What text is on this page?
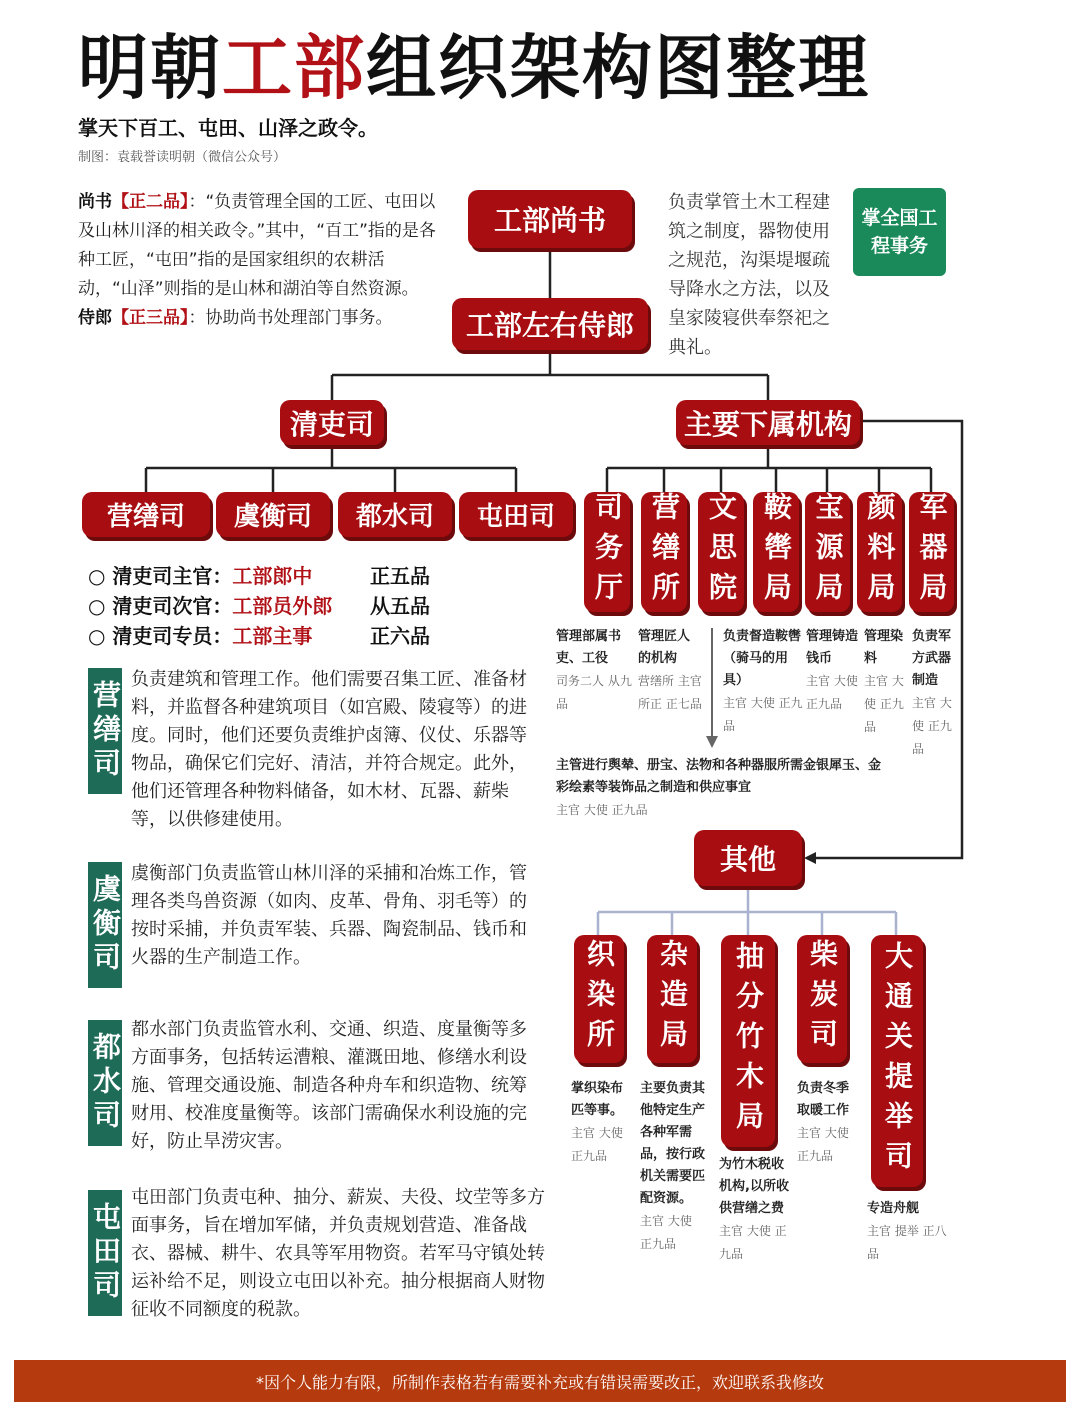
明朝工部组织架构图整理
掌天下百工、屯田、山泽之政令。
制图：袁载誉读明朝（微信公众号）
尚书【正二品】：“负责管理全国的工匠、屯田以及山林川泽的相关政令。”其中，“百工”指的是各种工匠，“屯田”指的是国家组织的农耕活动，“山泽”则指的是山林和湖泊等自然资源。
侍郎【正三品】：协助尚书处理部门事务。
负责掌管土木工程建筑之制度，器物使用之规范，沟渠堤堰疏导降水之方法，以及皇家陵寝供奉祭祀之典礼。
掌全国工程事务
工部尚书
工部左右侍郎
清吏司	主要下属机构
其他
营缮司	虞衡司	都水司	屯田司	司务厅 营缮所 文思院 鞍辔局 宝源局 颜料局 军器局
织染所	杂造局	抽分竹木局	柴炭司	大通关提举司
○ 清吏司主官：工部郎中	正五品
○ 清吏司次官：工部员外郎 从五品
○ 清吏司专员：工部主事	正六品
营缮司
负责建筑和管理工作。他们需要召集工匠、准备材料，并监督各种建筑项目（如宫殿、陵寝等）的进度。同时，他们还要负责维护卤簿、仪仗、乐器等物品，确保它们完好、清洁，并符合规定。此外，他们还管理各种物料储备，如木材、瓦器、薪柴等，以供修建使用。
虞衡司
虞衡部门负责监管山林川泽的采捕和冶炼工作，管理各类鸟兽资源（如肉、皮革、骨角、羽毛等）的按时采捕，并负责军装、兵器、陶瓷制品、钱币和火器的生产制造工作。
都水司
都水部门负责监管水利、交通、织造、度量衡等多方面事务，包括转运漕粮、灌溉田地、修缮水利设施、管理交通设施、制造各种舟车和织造物、统筹财用、校准度量衡等。该部门需确保水利设施的完好，防止旱涝灾害。
屯田司
屯田部门负责屯种、抽分、薪炭、夫役、坟茔等多方面事务，旨在增加军储，并负责规划营造、准备战衣、器械、耕牛、农具等军用物资。若军马守镇处转运补给不足，则设立屯田以补充。抽分根据商人财物征收不同额度的税款。
管理部属书吏、工役
司务二人 从九品
管理匠人的机构
营缮所 主官 所正 正七品
负责督造鞍辔（骑马的用具）
主官 大使 正九品
管理铸造钱币
主官 大使 正九品
管理染料
主官 大使 正九品
负责军方武器制造
主官 大使 正九品
主管进行舆辇、册宝、法物和各种器服所需金银犀玉、金彩绘素等装饰品之制造和供应事宜
主官 大使 正九品
掌织染布匹等事。
主官 大使 正九品
主要负责其他特定生产各种军需品，按行政机关需要匹配资源。
主官 大使 正九品
为竹木税收机构,以所收供营缮之费
主官 大使 正九品
负责冬季取暖工作
主官 大使 正九品
专造舟舰
主官 提举 正八品
*因个人能力有限，所制作表格若有需要补充或有错误需要改正，欢迎联系我修改
